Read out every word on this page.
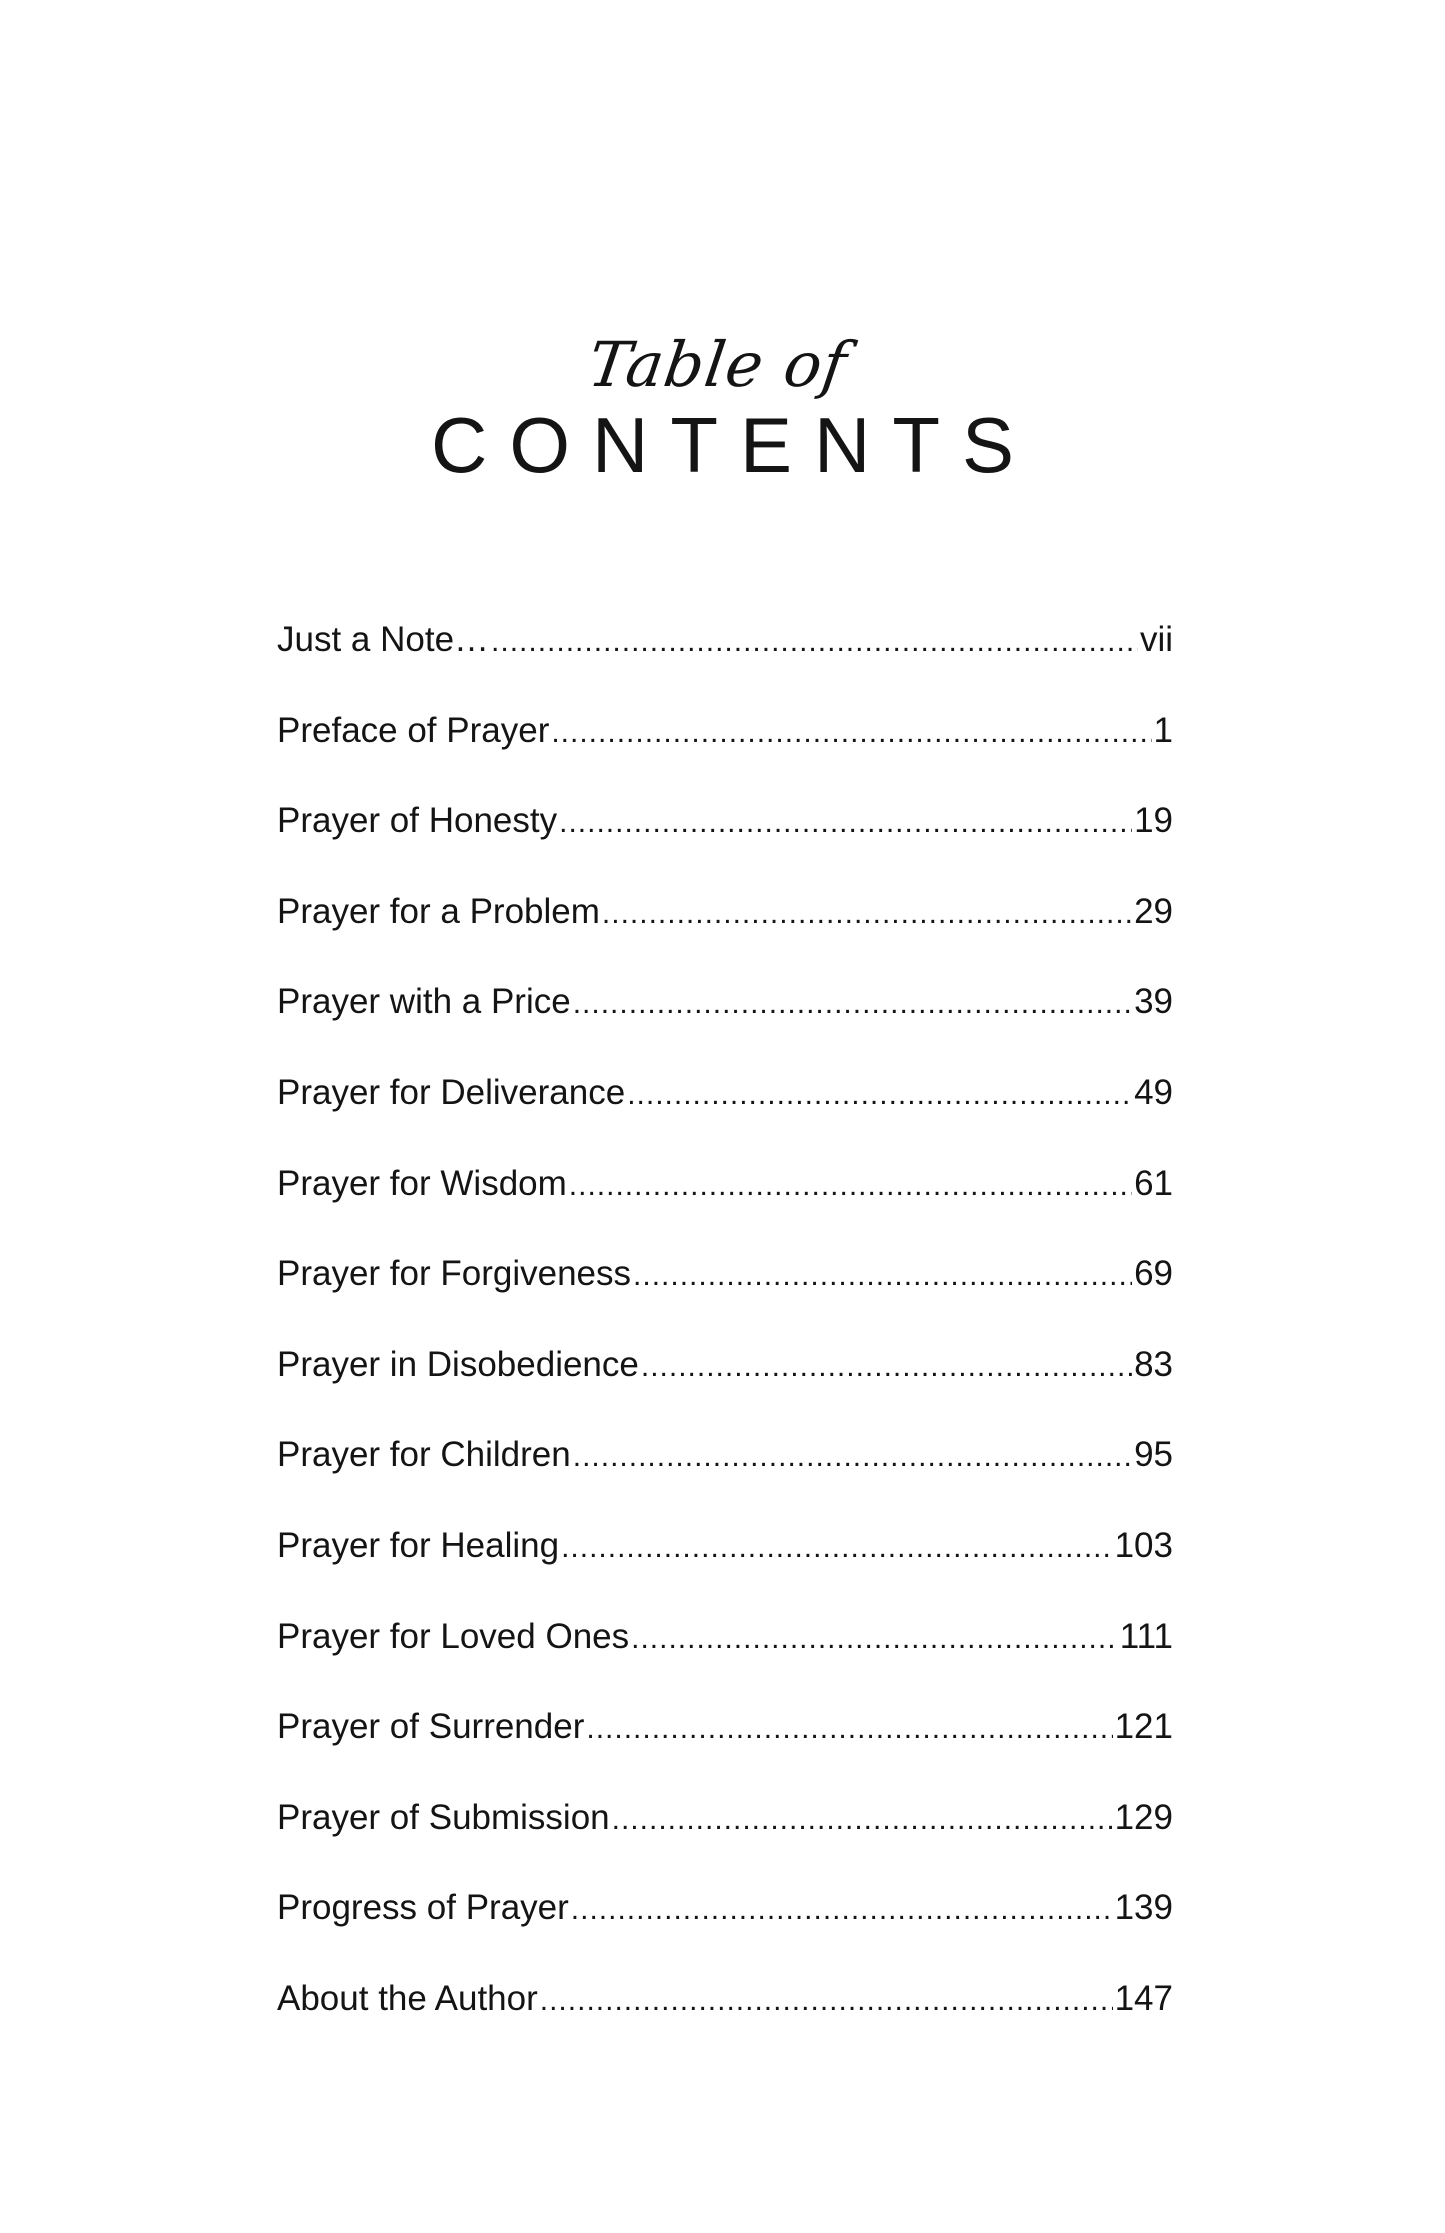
Table of
CONTENTS
Just a Note… .....	vii
Preface of Prayer .....	1
Prayer of Honesty .....	19
Prayer for a Problem .....	29
Prayer with a Price .....	39
Prayer for Deliverance .....	49
Prayer for Wisdom .....	61
Prayer for Forgiveness .....	69
Prayer in Disobedience .....	83
Prayer for Children .....	95
Prayer for Healing .....	103
Prayer for Loved Ones .....	111
Prayer of Surrender .....	121
Prayer of Submission .....	129
Progress of Prayer .....	139
About the Author .....	147
